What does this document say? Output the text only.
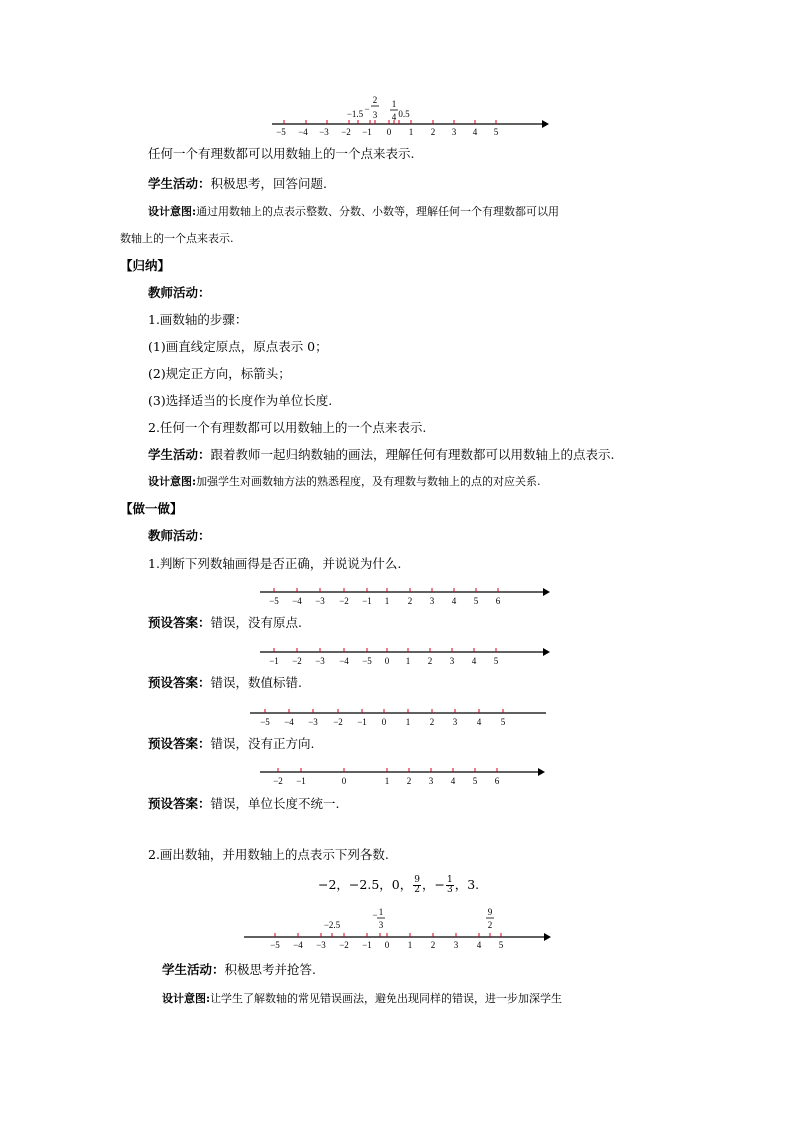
−5 −4 −3 −2 −1 0 1 2 3 4 5
−1.5 −
2
3
1
4 0.5
任何一个有理数都可以用数轴上的一个点来表示.
学生活动：积极思考，回答问题.
设计意图:通过用数轴上的点表示整数、分数、小数等，理解任何一个有理数都可以用
数轴上的一个点来表示.
【归纳】
教师活动：
1.画数轴的步骤：
(1)画直线定原点，原点表示 0；
(2)规定正方向，标箭头；
(3)选择适当的长度作为单位长度.
2.任何一个有理数都可以用数轴上的一个点来表示.
学生活动：跟着教师一起归纳数轴的画法，理解任何有理数都可以用数轴上的点表示.
设计意图:加强学生对画数轴方法的熟悉程度，及有理数与数轴上的点的对应关系.
【做一做】
教师活动：
1.判断下列数轴画得是否正确，并说说为什么.
−5 −4 −3 −2 −1 1 2 3 4 5 6
预设答案：错误，没有原点.
−1 −2 −3 −4 −5 0 1 2 3 4 5
预设答案：错误，数值标错.
−5 −4 −3 −2 −1 0 1 2 3 4 5
预设答案：错误，没有正方向.
−2 −1	0	1 2 3 4 5 6
预设答案：错误，单位长度不统一.
2.画出数轴，并用数轴上的点表示下列各数.
−2，−2.5，0， $\frac{9}{2}$ ，− $\frac{1}{3}$ ，3.
−5 −4 −3 −2 −1 0 1 2 3 4 5
−2.5
− 1
3
9
2
学生活动：积极思考并抢答.
设计意图:让学生了解数轴的常见错误画法，避免出现同样的错误，进一步加深学生
